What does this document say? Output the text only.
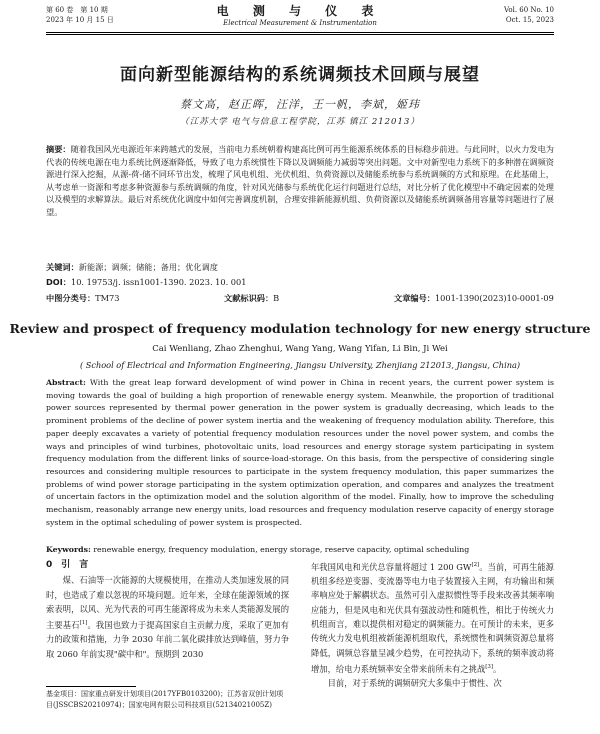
第 60 卷　第 10 期
2023 年 10 月 15 日
电 测 与 仪 表
Electrical Measurement & Instrumentation
Vol. 60 No. 10
Oct. 15, 2023
面向新型能源结构的系统调频技术回顾与展望
蔡文高，赵正晖，汪洋，王一帆，李斌，姬玮
（江苏大学 电气与信息工程学院，江苏 镇江 212013）
摘要：随着我国风光电源近年来跨越式的发展，当前电力系统朝着构建高比例可再生能源系统体系的目标稳步前进。与此同时，以火力发电为代表的传统电源在电力系统比例逐渐降低，导致了电力系统惯性下降以及调频能力减弱等突出问题。文中对新型电力系统下的多种潜在调频资源进行深入挖掘，从源-荷-储不同环节出发，梳理了风电机组、光伏机组、负荷资源以及储能系统参与系统调频的方式和原理。在此基础上，从考虑单一资源和考虑多种资源参与系统调频的角度，针对风光储参与系统优化运行问题进行总结，对比分析了优化模型中不确定因素的处理以及模型的求解算法。最后对系统优化调度中如何完善调度机制，合理安排新能源机组、负荷资源以及储能系统调频备用容量等问题进行了展望。
关键词：新能源；调频；储能；备用；优化调度
DOI：10. 19753/j. issn1001-1390. 2023. 10. 001
中图分类号： TM73	文献标识码： B	文章编号： 1001-1390(2023)10-0001-09
Review and prospect of frequency modulation technology for new energy structure
Cai Wenliang, Zhao Zhenghui, Wang Yang, Wang Yifan, Li Bin, Ji Wei
( School of Electrical and Information Engineering, Jiangsu University, Zhenjiang 212013, Jiangsu, China)
Abstract: With the great leap forward development of wind power in China in recent years, the current power system is moving towards the goal of building a high proportion of renewable energy system. Meanwhile, the proportion of traditional power sources represented by thermal power generation in the power system is gradually decreasing, which leads to the prominent problems of the decline of power system inertia and the weakening of frequency modulation ability. Therefore, this paper deeply excavates a variety of potential frequency modulation resources under the novel power system, and combs the ways and principles of wind turbines, photovoltaic units, load resources and energy storage system participating in system frequency modulation from the different links of source-load-storage. On this basis, from the perspective of considering single resources and considering multiple resources to participate in the system frequency modulation, this paper summarizes the problems of wind power storage participating in the system optimization operation, and compares and analyzes the treatment of uncertain factors in the optimization model and the solution algorithm of the model. Finally, how to improve the scheduling mechanism, reasonably arrange new energy units, load resources and frequency modulation reserve capacity of energy storage system in the optimal scheduling of power system is prospected.
Keywords: renewable energy, frequency modulation, energy storage, reserve capacity, optimal scheduling
0　引　言

煤、石油等一次能源的大规模使用，在推动人类加速发展的同时，也造成了难以忽视的环境问题。近年来，全球在能源领域的探索表明，以风、光为代表的可再生能源将成为未来人类能源发展的主要基石[1]。我国也致力于提高国家自主贡献力度，采取了更加有力的政策和措施，力争 2030 年前二氧化碳排放达到峰值，努力争取 2060 年前实现"碳中和"。预期到 2030

年我国风电和光伏总容量将超过 1 200 GW[2]。当前，可再生能源机组多经逆变器、变流器等电力电子装置接入主网，有功输出和频率响应处于解耦状态。虽然可引入虚拟惯性等手段来改善其频率响应能力，但是风电和光伏具有强波动性和随机性，相比于传统火力机组而言，难以提供相对稳定的调频能力。在可预计的未来，更多传统火力发电机组被新能源机组取代，系统惯性和调频资源总量将降低，调频总容量呈减少趋势，在可控执动下，系统的频率波动将增加，给电力系统频率安全带来前所未有之挑战[3]。

目前，对于系统的调频研究大多集中于惯性、次

基金项目：国家重点研发计划项目(2017YFB0103200)；江苏省双创计划项目(JSSCBS20210974)；国家电网有限公司科技项目(52134021005Z)
